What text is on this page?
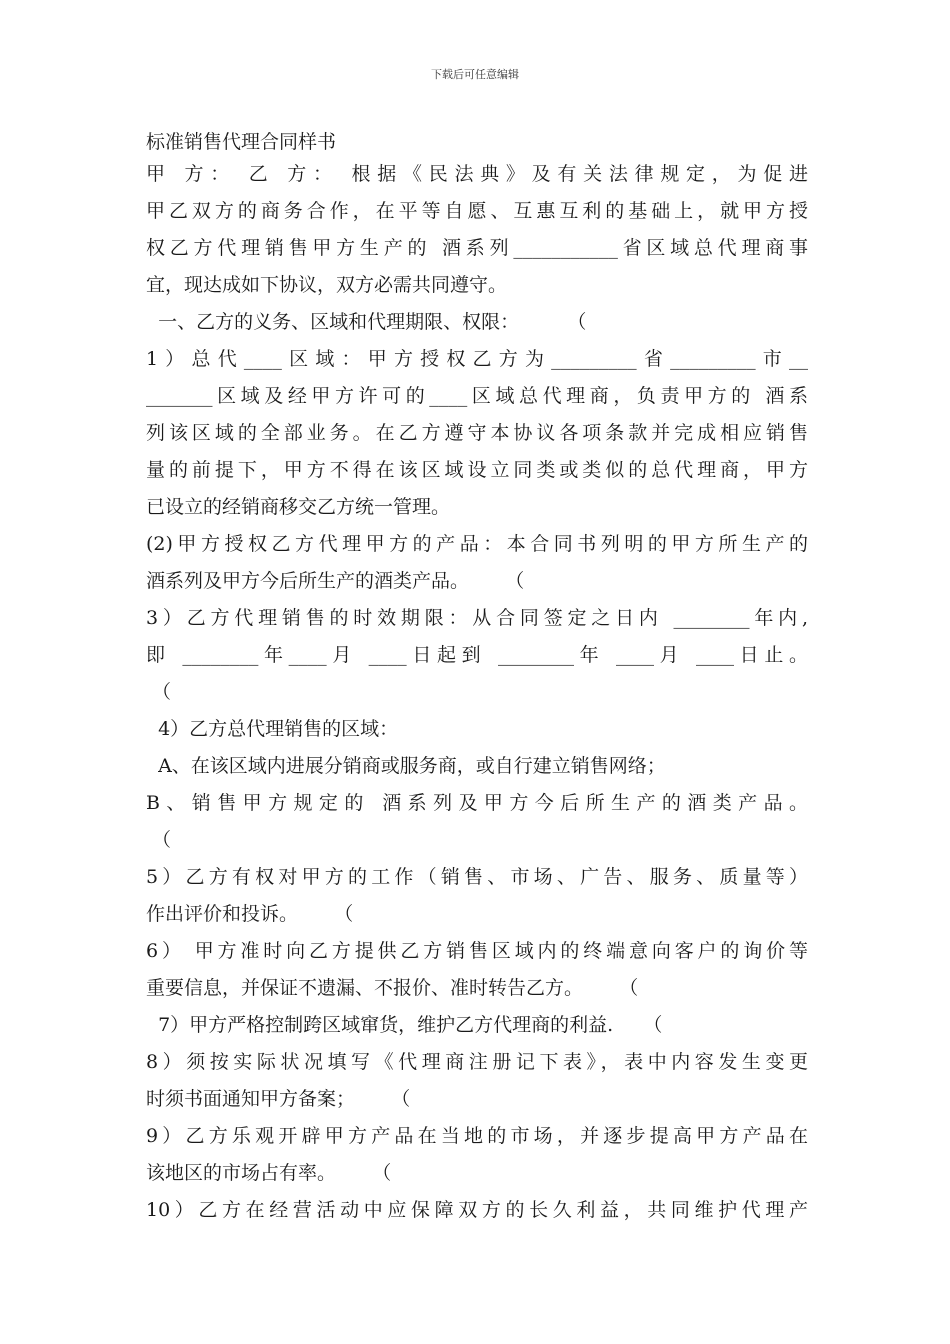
下载后可任意编辑
标准销售代理合同样书
甲 方： 乙 方： 根据《民法典》及有关法律规定，为促进
甲乙双方的商务合作，在平等自愿、互惠互利的基础上，就甲方授
权乙方代理销售甲方生产的 酒系列___________省区域总代理商事
宜，现达成如下协议，双方必需共同遵守。
一、乙方的义务、区域和代理期限、权限：        （
1）总代____区域：甲方授权乙方为_________省_________市__
_______区域及经甲方许可的____区域总代理商，负责甲方的 酒系
列该区域的全部业务。在乙方遵守本协议各项条款并完成相应销售
量的前提下，甲方不得在该区域设立同类或类似的总代理商，甲方
已设立的经销商移交乙方统一管理。
(2)甲方授权乙方代理甲方的产品：本合同书列明的甲方所生产的
酒系列及甲方今后所生产的酒类产品。      （
3）乙方代理销售的时效期限：从合同签定之日内 ________年内,
即 ________年____月 ____日起到 ________年 ____月 ____日止。
（
4）乙方总代理销售的区域：
A、在该区域内进展分销商或服务商，或自行建立销售网络；
B、销售甲方规定的 酒系列及甲方今后所生产的酒类产品。
（
5）乙方有权对甲方的工作（销售、市场、广告、服务、质量等）
作出评价和投诉。      （
6） 甲方准时向乙方提供乙方销售区域内的终端意向客户的询价等
重要信息，并保证不遗漏、不报价、准时转告乙方。      （
7）甲方严格控制跨区域窜货，维护乙方代理商的利益.     （
8）须按实际状况填写《代理商注册记下表》，表中内容发生变更
时须书面通知甲方备案；      （
9）乙方乐观开辟甲方产品在当地的市场，并逐步提高甲方产品在
该地区的市场占有率。      （
10）乙方在经营活动中应保障双方的长久利益，共同维护代理产
